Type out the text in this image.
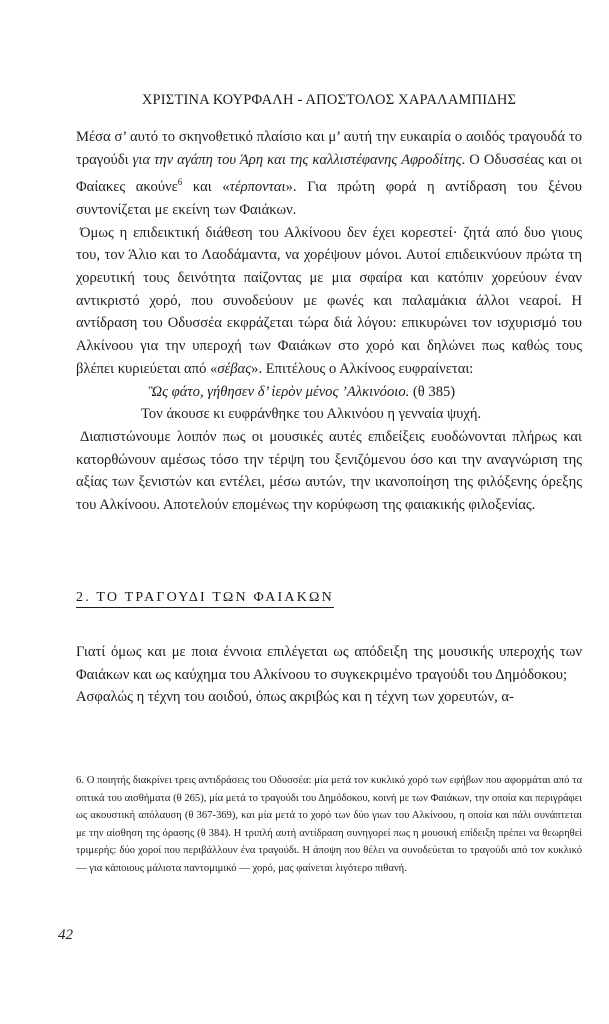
ΧΡΙΣΤΙΝΑ ΚΟΥΡΦΑΛΗ - ΑΠΟΣΤΟΛΟΣ ΧΑΡΑΛΑΜΠΙΔΗΣ

Μέσα σ’ αυτό το σκηνοθετικό πλαίσιο και μ’ αυτή την ευκαιρία ο αοιδός τραγουδά το τραγούδι για την αγάπη του Άρη και της καλλιστέφανης Αφροδίτης. Ο Οδυσσέας και οι Φαίακες ακούνε$^6$ και «τέρπονται». Για πρώτη φορά η αντίδραση του ξένου συντονίζεται με εκείνη των Φαιάκων.

Όμως η επιδεικτική διάθεση του Αλκίνοου δεν έχει κορεστεί· ζητά από δυο γιους του, τον Άλιο και το Λαοδάμαντα, να χορέψουν μόνοι. Αυτοί επιδεικνύουν πρώτα τη χορευτική τους δεινότητα παίζοντας με μια σφαίρα και κατόπιν χορεύουν έναν αντικριστό χορό, που συνοδεύουν με φωνές και παλαμάκια άλλοι νεαροί. Η αντίδραση του Οδυσσέα εκφράζεται τώρα διά λόγου: επικυρώνει τον ισχυρισμό του Αλκίνοου για την υπεροχή των Φαιάκων στο χορό και δηλώνει πως καθώς τους βλέπει κυριεύεται από «σέβας». Επιτέλους ο Αλκίνοος ευφραίνεται:

Ὣς φάτο, γήθησεν δ’ ἱερὸν μένος ’Αλκινόοιο. (θ 385)

Τον άκουσε κι ευφράνθηκε του Αλκινόου η γενναία ψυχή.

Διαπιστώνουμε λοιπόν πως οι μουσικές αυτές επιδείξεις ευοδώνονται πλήρως και κατορθώνουν αμέσως τόσο την τέρψη του ξενιζόμενου όσο και την αναγνώριση της αξίας των ξενιστών και εντέλει, μέσω αυτών, την ικανοποίηση της φιλόξενης όρεξης του Αλκίνοου. Αποτελούν επομένως την κορύφωση της φαιακικής φιλοξενίας.

2. ΤΟ ΤΡΑΓΟΥΔΙ ΤΩΝ ΦΑΙΑΚΩΝ

Γιατί όμως και με ποια έννοια επιλέγεται ως απόδειξη της μουσικής υπεροχής των Φαιάκων και ως καύχημα του Αλκίνοου το συγκεκριμένο τραγούδι του Δημόδοκου;

Ασφαλώς η τέχνη του αοιδού, όπως ακριβώς και η τέχνη των χορευτών, α-

6. Ο ποιητής διακρίνει τρεις αντιδράσεις του Οδυσσέα: μία μετά τον κυκλικό χορό των εφήβων που αφορμάται από τα οπτικά του αισθήματα (θ 265), μία μετά το τραγούδι του Δημόδοκου, κοινή με των Φαιάκων, την οποία και περιγράφει ως ακουστική απόλαυση (θ 367-369), και μία μετά το χορό των δύο γιων του Αλκίνοου, η οποία και πάλι συνάπτεται με την αίσθηση της όρασης (θ 384). Η τριπλή αυτή αντίδραση συνηγορεί πως η μουσική επίδειξη πρέπει να θεωρηθεί τριμερής: δύο χοροί που περιβάλλουν ένα τραγούδι. Η άποψη που θέλει να συνοδεύεται το τραγούδι από τον κυκλικό — για κάποιους μάλιστα παντομιμικό — χορό, μας φαίνεται λιγότερο πιθανή.

42
